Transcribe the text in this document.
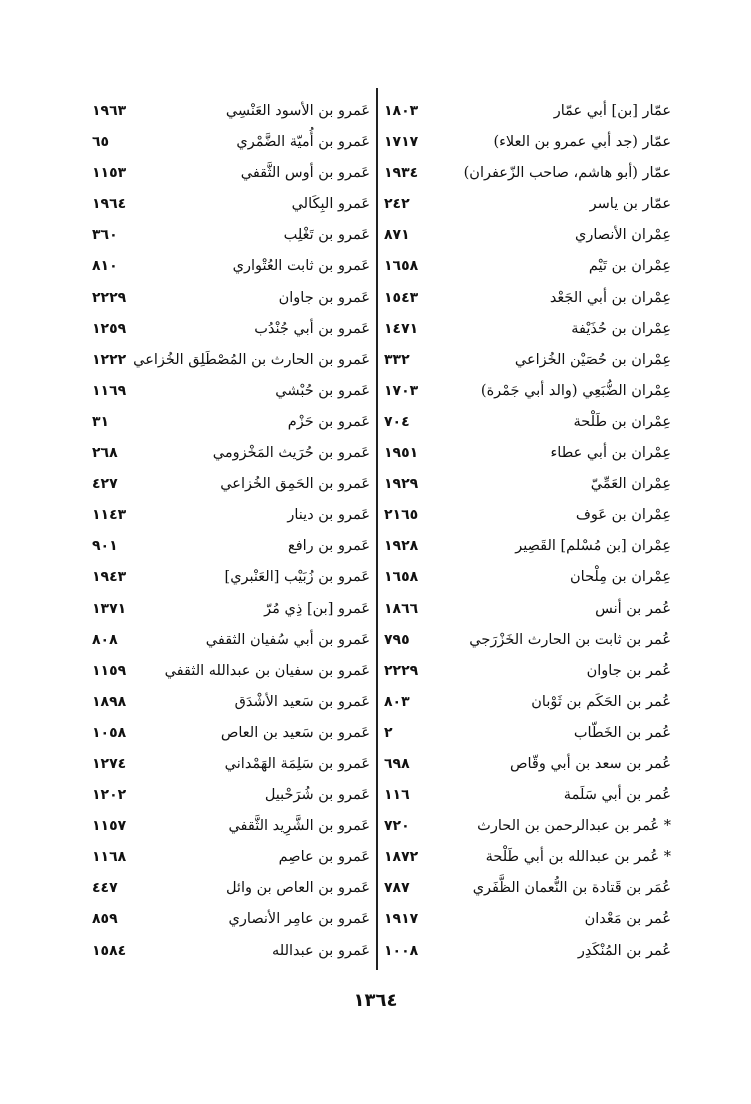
عمّار [بن] أبي عمّار
١٨٠٣
عمّار (جد أبي عمرو بن العلاء)
١٧١٧
عمّار (أبو هاشم، صاحب الزّعفران)
١٩٣٤
عمّار بن ياسر
٢٤٢
عِمْران الأنصاري
٨٧١
عِمْران بن تَيْم
١٦٥٨
عِمْران بن أبي الجَعْد
١٥٤٣
عِمْران بن حُذَيْفة
١٤٧١
عِمْران بن حُصَيْن الخُزاعي
٣٣٢
عِمْران الضُّبَعِي (والد أبي جَمْرة)
١٧٠٣
عِمْران بن طَلْحة
٧٠٤
عِمْران بن أبي عطاء
١٩٥١
عِمْران العَمِّيّ
١٩٢٩
عِمْران بن عَوف
٢١٦٥
عِمْران [بن مُسْلم] القَصِير
١٩٢٨
عِمْران بن مِلْحان
١٦٥٨
عُمر بن أنس
١٨٦٦
عُمر بن ثابت بن الحارث الخَزْرَجي
٧٩٥
عُمر بن جاوان
٢٢٢٩
عُمر بن الحَكَم بن ثَوْبان
٨٠٣
عُمر بن الخَطّاب
٢
عُمر بن سعد بن أبي وقّاص
٦٩٨
عُمر بن أبي سَلَمة
١١٦
* عُمر بن عبدالرحمن بن الحارث
٧٢٠
* عُمر بن عبدالله بن أبي طَلْحة
١٨٧٢
عُمَر بن قَتادة بن النُّعمان الظَّفَري
٧٨٧
عُمر بن مَعْدان
١٩١٧
عُمر بن المُنْكَدِر
١٠٠٨
عَمرو بن الأسود العَنْسِي
١٩٦٣
عَمرو بن أُميّة الضَّمْري
٦٥
عَمرو بن أوس الثَّقفي
١١٥٣
عَمرو البِكَالي
١٩٦٤
عَمرو بن تَغْلِب
٣٦٠
عَمرو بن ثابت العُتْواري
٨١٠
عَمرو بن جاوان
٢٢٢٩
عَمرو بن أبي جُنْدُب
١٢٥٩
عَمرو بن الحارث بن المُصْطَلِق الخُزاعي
١٢٢٢
عَمرو بن حُبْشي
١١٦٩
عَمرو بن حَزْم
٣١
عَمرو بن حُرَيث المَخْزومي
٢٦٨
عَمرو بن الحَمِق الخُزاعي
٤٢٧
عَمرو بن دينار
١١٤٣
عَمرو بن رافع
٩٠١
عَمرو بن زُبَيْب [العَنْبري]
١٩٤٣
عَمرو [بن] ذِي مُرّ
١٣٧١
عَمرو بن أبي سُفيان الثقفي
٨٠٨
عَمرو بن سفيان بن عبدالله الثقفي
١١٥٩
عَمرو بن سَعيد الأشْدَق
١٨٩٨
عَمرو بن سَعيد بن العاص
١٠٥٨
عَمرو بن سَلِمَة الهَمْداني
١٢٧٤
عَمرو بن شُرَحْبيل
١٢٠٢
عَمرو بن الشَّرِيد الثَّقفي
١١٥٧
عَمرو بن عاصِم
١١٦٨
عَمرو بن العاص بن وائل
٤٤٧
عَمرو بن عامِر الأنصاري
٨٥٩
عَمرو بن عبدالله
١٥٨٤
١٣٦٤
